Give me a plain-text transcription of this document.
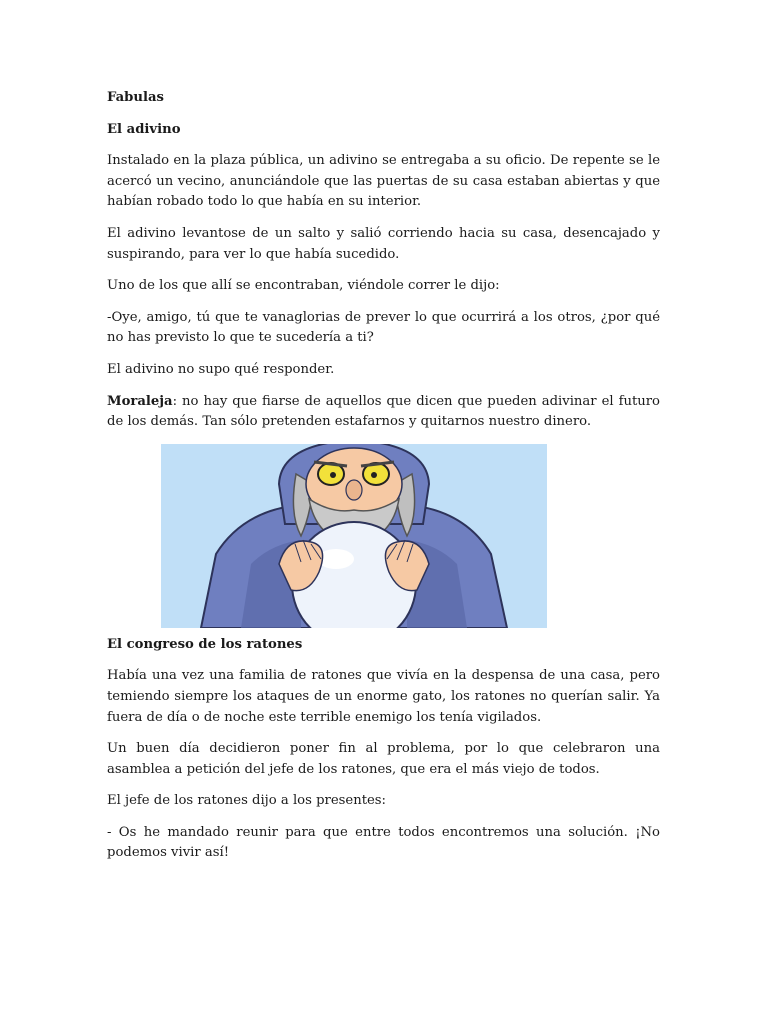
Fabulas

El adivino

Instalado en la plaza pública, un adivino se entregaba a su oficio. De repente se le acercó un vecino, anunciándole que las puertas de su casa estaban abiertas y que habían robado todo lo que había en su interior.

El adivino levantose de un salto y salió corriendo hacia su casa, desencajado y suspirando, para ver lo que había sucedido.

Uno de los que allí se encontraban, viéndole correr le dijo:

-Oye, amigo, tú que te vanaglorias de prever lo que ocurrirá a los otros, ¿por qué no has previsto lo que te sucedería a ti?

El adivino no supo qué responder.

Moraleja: no hay que fiarse de aquellos que dicen que pueden adivinar el futuro de los demás. Tan sólo pretenden estafarnos y quitarnos nuestro dinero.

El congreso de los ratones

Había una vez una familia de ratones que vivía en la despensa de una casa, pero temiendo siempre los ataques de un enorme gato, los ratones no querían salir. Ya fuera de día o de noche este terrible enemigo los tenía vigilados.

Un buen día decidieron poner fin al problema, por lo que celebraron una asamblea a petición del jefe de los ratones, que era el más viejo de todos.

El jefe de los ratones dijo a los presentes:

- Os he mandado reunir para que entre todos encontremos una solución. ¡No podemos vivir así!
